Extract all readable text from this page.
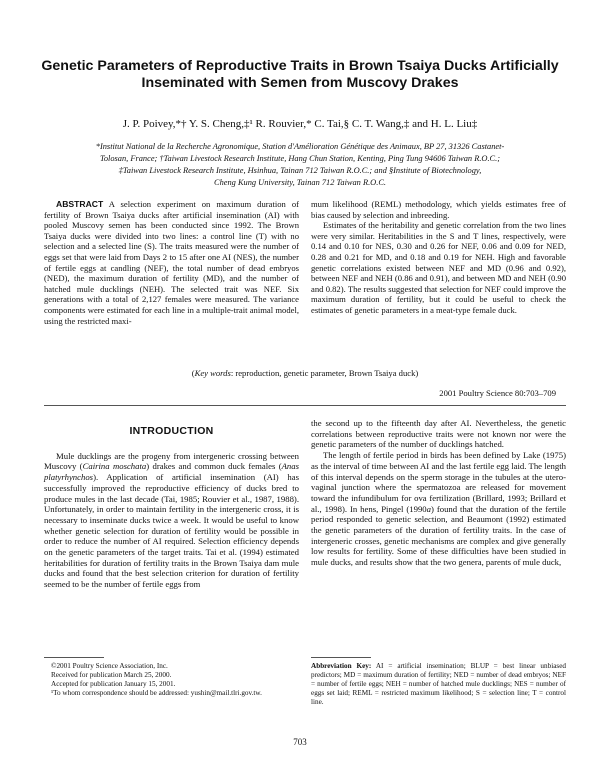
Genetic Parameters of Reproductive Traits in Brown Tsaiya Ducks Artificially
Inseminated with Semen from Muscovy Drakes
J. P. Poivey,*† Y. S. Cheng,‡¹ R. Rouvier,* C. Tai,§ C. T. Wang,‡ and H. L. Liu‡
*Institut National de la Recherche Agronomique, Station d'Amélioration Génétique des Animaux, BP 27, 31326 Castanet-
Tolosan, France; †Taiwan Livestock Research Institute, Hang Chun Station, Kenting, Ping Tung 94606 Taiwan R.O.C.;
‡Taiwan Livestock Research Institute, Hsinhua, Tainan 712 Taiwan R.O.C.; and §Institute of Biotechnology,
Cheng Kung University, Tainan 712 Taiwan R.O.C.

ABSTRACT A selection experiment on maximum duration of fertility of Brown Tsaiya ducks after artificial insemination (AI) with pooled Muscovy semen has been conducted since 1992. The Brown Tsaiya ducks were divided into two lines: a control line (T) with no selection and a selected line (S). The traits measured were the number of eggs set that were laid from Days 2 to 15 after one AI (NES), the number of fertile eggs at candling (NEF), the total number of dead embryos (NED), the maximum duration of fertility (MD), and the number of hatched mule ducklings (NEH). The selected trait was NEF. Six generations with a total of 2,127 females were measured. The variance components were estimated for each line in a multiple-trait animal model, using the restricted maxi-

mum likelihood (REML) methodology, which yields estimates free of bias caused by selection and inbreeding.

Estimates of the heritability and genetic correlation from the two lines were very similar. Heritabilities in the S and T lines, respectively, were 0.14 and 0.10 for NES, 0.30 and 0.26 for NEF, 0.06 and 0.09 for NED, 0.28 and 0.21 for MD, and 0.18 and 0.19 for NEH. High and favorable genetic correlations existed between NEF and MD (0.96 and 0.92), between NEF and NEH (0.86 and 0.91), and between MD and NEH (0.90 and 0.82). The results suggested that selection for NEF could improve the maximum duration of fertility, but it could be useful to check the estimates of genetic parameters in a meat-type female duck.

(Key words: reproduction, genetic parameter, Brown Tsaiya duck)
2001 Poultry Science 80:703–709
INTRODUCTION

Mule ducklings are the progeny from intergeneric crossing between Muscovy (Cairina moschata) drakes and common duck females (Anas platyrhynchos). Application of artificial insemination (AI) has successfully improved the reproductive efficiency of ducks bred to produce mules in the last decade (Tai, 1985; Rouvier et al., 1987, 1988). Unfortunately, in order to maintain fertility in the intergeneric cross, it is necessary to inseminate ducks twice a week. It would be useful to know whether genetic selection for duration of fertility would be possible in order to reduce the number of AI required. Selection efficiency depends on the genetic parameters of the target traits. Tai et al. (1994) estimated heritabilities for duration of fertility traits in the Brown Tsaiya dam mule ducks and found that the best selection criterion for duration of fertility seemed to be the number of fertile eggs from

the second up to the fifteenth day after AI. Nevertheless, the genetic correlations between reproductive traits were not known nor were the genetic parameters of the number of ducklings hatched.

The length of fertile period in birds has been defined by Lake (1975) as the interval of time between AI and the last fertile egg laid. The length of this interval depends on the sperm storage in the tubules at the utero-vaginal junction where the spermatozoa are released for movement toward the infundibulum for ova fertilization (Brillard, 1993; Brillard et al., 1998). In hens, Pingel (1990a) found that the duration of the fertile period responded to genetic selection, and Beaumont (1992) estimated the genetic parameters of the duration of fertility traits. In the case of intergeneric crosses, genetic mechanisms are complex and give generally low results for fertility. Some of these difficulties have been studied in mule ducks, and results show that the two genera, parents of mule duck,

©2001 Poultry Science Association, Inc.

Received for publication March 25, 2000.

Accepted for publication January 15, 2001.

¹To whom correspondence should be addressed: yushin@mail.tlri.gov.tw.

Abbreviation Key: AI = artificial insemination; BLUP = best linear unbiased predictors; MD = maximum duration of fertility; NED = number of dead embryos; NEF = number of fertile eggs; NEH = number of hatched mule ducklings; NES = number of eggs set laid; REML = restricted maximum likelihood; S = selection line; T = control line.

703
